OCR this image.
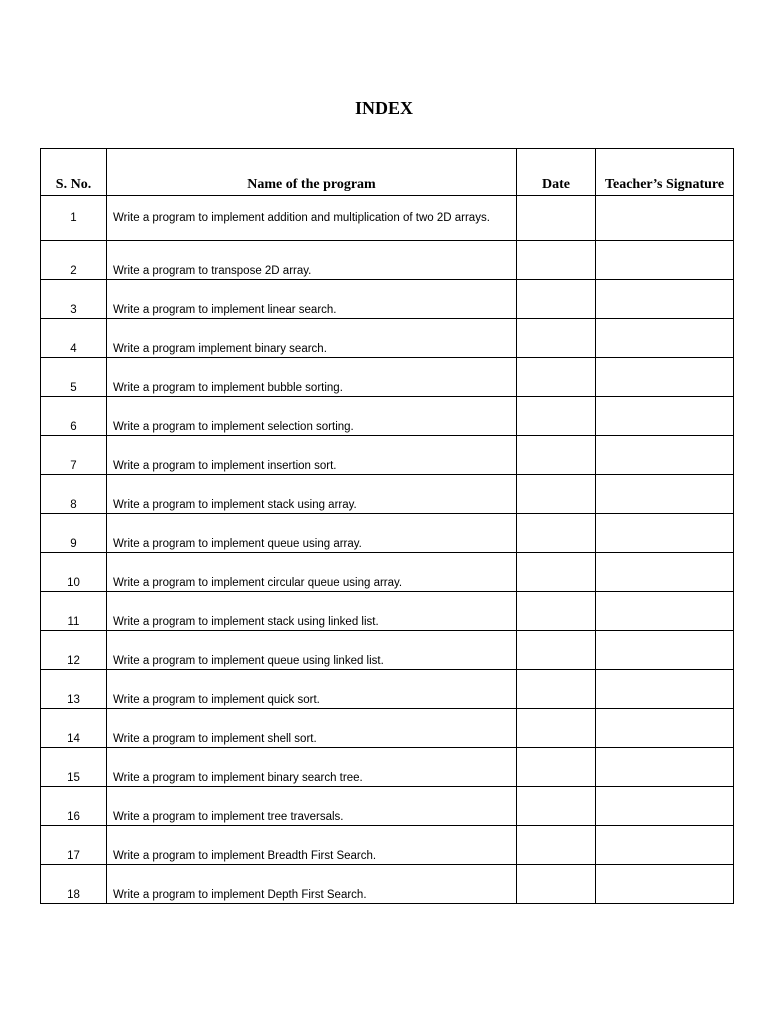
INDEX
S. No.	Name of the program	Date	Teacher’s Signature
1	Write a program to implement addition and multiplication of two 2D arrays.		
2	Write a program to transpose 2D array.		
3	Write a program to implement linear search.		
4	Write a program implement binary search.		
5	Write a program to implement bubble sorting.		
6	Write a program to implement selection sorting.		
7	Write a program to implement insertion sort.		
8	Write a program to implement stack using array.		
9	Write a program to implement queue using array.		
10	Write a program to implement circular queue using array.		
11	Write a program to implement stack using linked list.		
12	Write a program to implement queue using linked list.		
13	Write a program to implement quick sort.		
14	Write a program to implement shell sort.		
15	Write a program to implement binary search tree.		
16	Write a program to implement tree traversals.		
17	Write a program to implement Breadth First Search.		
18	Write a program to implement Depth First Search.		
